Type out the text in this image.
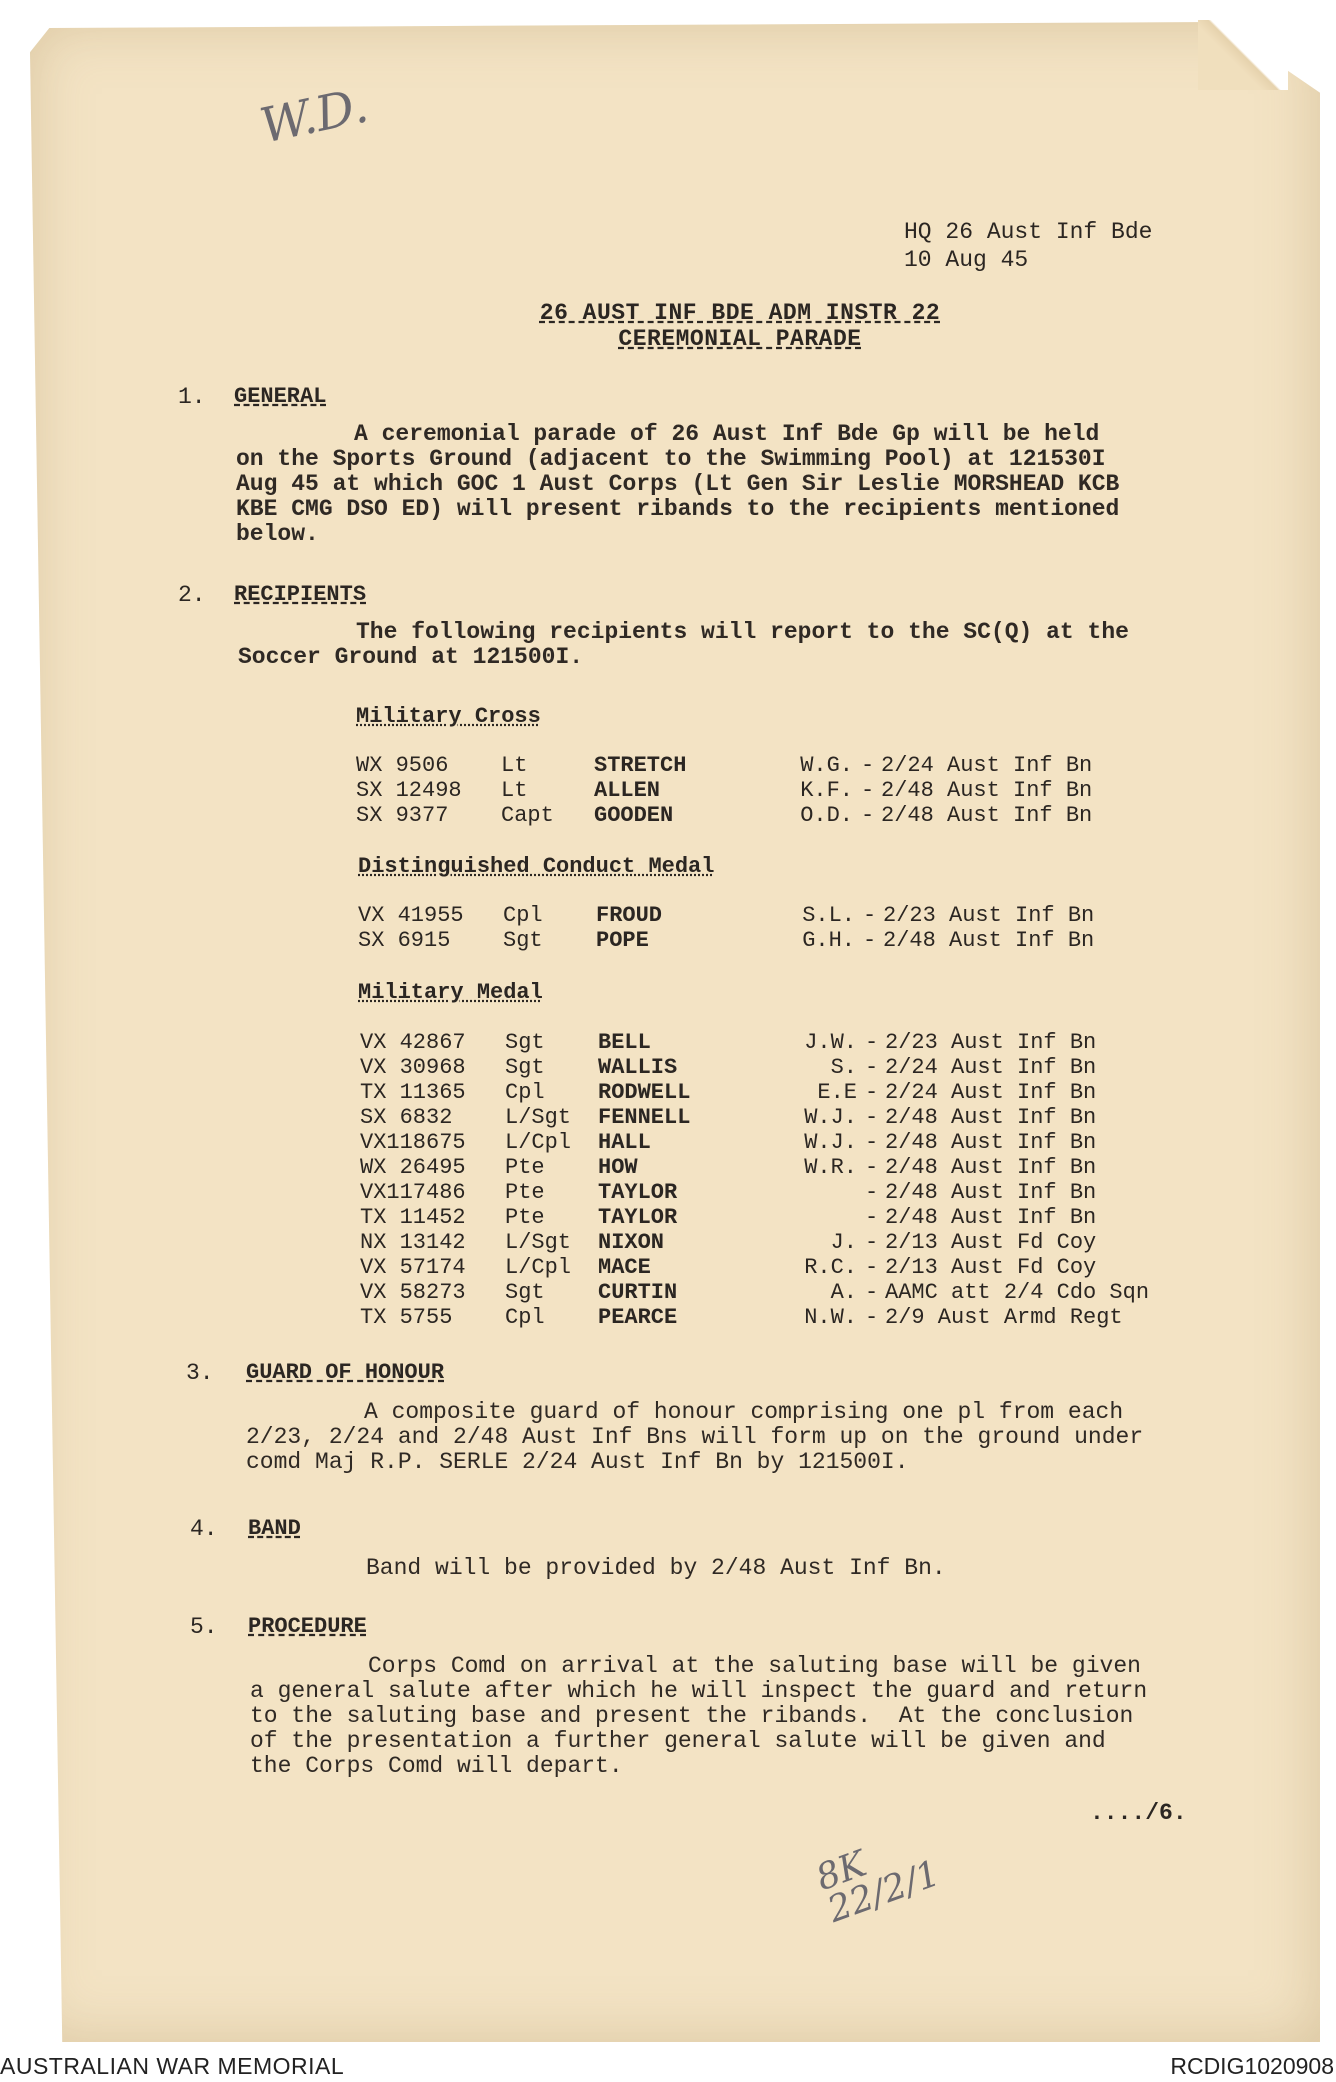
W.D.
HQ 26 Aust Inf Bde
10 Aug 45
26 AUST INF BDE ADM INSTR 22
CEREMONIAL PARADE
1. GENERAL
A ceremonial parade of 26 Aust Inf Bde Gp will be held
on the Sports Ground (adjacent to the Swimming Pool) at 121530I
Aug 45 at which GOC 1 Aust Corps (Lt Gen Sir Leslie MORSHEAD KCB
KBE CMG DSO ED) will present ribands to the recipients mentioned
below.
2. RECIPIENTS
The following recipients will report to the SC(Q) at the
Soccer Ground at 121500I.
Military Cross
WX 9506 Lt	STRETCH	W.G. - 2/24 Aust Inf Bn
SX 12498 Lt	ALLEN	K.F. - 2/48 Aust Inf Bn
SX 9377 Capt GOODEN	O.D. - 2/48 Aust Inf Bn
Distinguished Conduct Medal
VX 41955 Cpl FROUD	S.L. - 2/23 Aust Inf Bn
SX 6915 Sgt POPE	G.H. - 2/48 Aust Inf Bn
Military Medal
VX 42867 Sgt BELL	J.W. - 2/23 Aust Inf Bn
VX 30968 Sgt WALLIS	S. - 2/24 Aust Inf Bn
TX 11365 Cpl RODWELL	E.E - 2/24 Aust Inf Bn
SX 6832 L/Sgt FENNELL	W.J. - 2/48 Aust Inf Bn
VX118675 L/Cpl HALL	W.J. - 2/48 Aust Inf Bn
WX 26495 Pte HOW	W.R. - 2/48 Aust Inf Bn
VX117486 Pte TAYLOR	- 2/48 Aust Inf Bn
TX 11452 Pte TAYLOR	- 2/48 Aust Inf Bn
NX 13142 L/Sgt NIXON	J. - 2/13 Aust Fd Coy
VX 57174 L/Cpl MACE	R.C. - 2/13 Aust Fd Coy
VX 58273 Sgt CURTIN	A. - AAMC att 2/4 Cdo Sqn
TX 5755 Cpl PEARCE	N.W. - 2/9 Aust Armd Regt
3. GUARD OF HONOUR
A composite guard of honour comprising one pl from each
2/23, 2/24 and 2/48 Aust Inf Bns will form up on the ground under
comd Maj R.P. SERLE 2/24 Aust Inf Bn by 121500I.
4. BAND
Band will be provided by 2/48 Aust Inf Bn.
5. PROCEDURE
Corps Comd on arrival at the saluting base will be given
a general salute after which he will inspect the guard and return
to the saluting base and present the ribands.  At the conclusion
of the presentation a further general salute will be given and
the Corps Comd will depart.
..../6.
8K 22/2/1
AUSTRALIAN WAR MEMORIAL	RCDIG1020908
